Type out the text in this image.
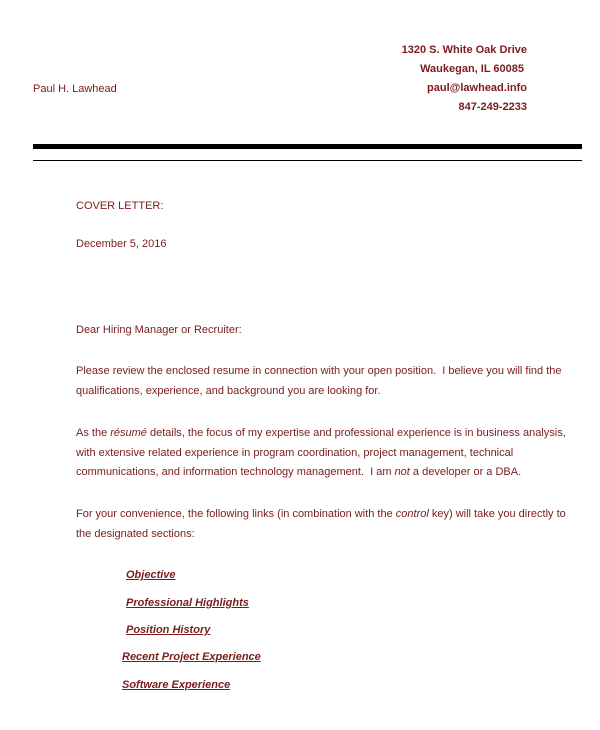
Paul H. Lawhead
1320 S. White Oak Drive
Waukegan, IL 60085
paul@lawhead.info
847-249-2233
COVER LETTER:
December 5, 2016
Dear Hiring Manager or Recruiter:
Please review the enclosed resume in connection with your open position.  I believe you will find the qualifications, experience, and background you are looking for.
As the résumé details, the focus of my expertise and professional experience is in business analysis, with extensive related experience in program coordination, project management, technical communications, and information technology management.  I am not a developer or a DBA.
For your convenience, the following links (in combination with the control key) will take you directly to the designated sections:
Objective
Professional Highlights
Position History
Recent Project Experience
Software Experience
